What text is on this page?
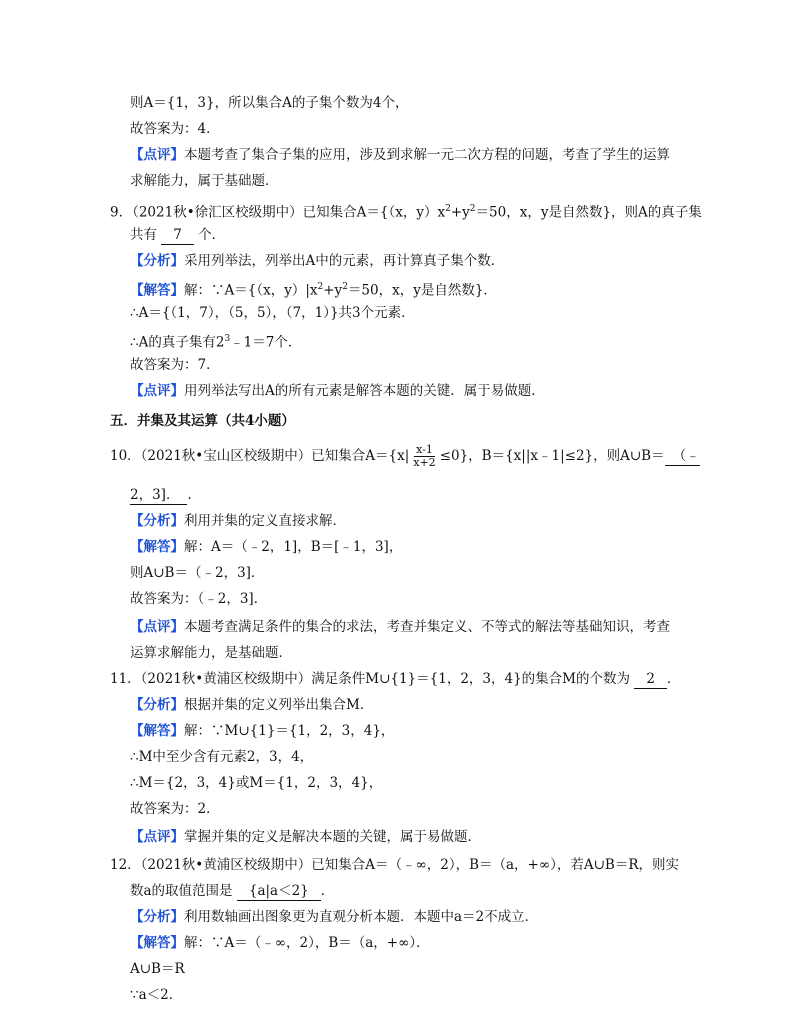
则A＝{1，3}，所以集合A的子集个数为4个，
故答案为：4．
【点评】本题考查了集合子集的应用，涉及到求解一元二次方程的问题，考查了学生的运算
求解能力，属于基础题．
9．（2021秋•徐汇区校级期中）已知集合A＝{（x，$y)x^2+y^2=50$，x，y是自然数}，则A的真子集
共有 7 个．
【分析】采用列举法，列举出A中的元素，再计算真子集个数．
【解答】解：∵A＝{（x，$y)|x^2+y^2=50$，x，y是自然数}．
∴A＝{（1，7），（5，5），（7，1）}共3个元素．
∴A的真子集有$2^3﹣1=7$个．
故答案为：7．
【点评】用列举法写出A的所有元素是解答本题的关键．属于易做题．
五．并集及其运算（共4小题）
10．（2021秋•宝山区校级期中）已知集合$A=\{x| \frac{x-1}{x+2} \le 0\}$，B＝{x||x﹣1|≤2}，则A∪B＝ （﹣
2，3]． ．
【分析】利用并集的定义直接求解．
【解答】解：A＝（﹣2，1]，B＝[﹣1，3]，
则A∪B＝（﹣2，3]．
故答案为：（﹣2，3]．
【点评】本题考查满足条件的集合的求法，考查并集定义、不等式的解法等基础知识，考查
运算求解能力，是基础题．
11．（2021秋•黄浦区校级期中）满足条件M∪{1}＝{1，2，3，4}的集合M的个数为 2 ．
【分析】根据并集的定义列举出集合M．
【解答】解：∵M∪{1}＝{1，2，3，4}，
∴M中至少含有元素2，3，4，
∴M＝{2，3，4}或M＝{1，2，3，4}，
故答案为：2．
【点评】掌握并集的定义是解决本题的关键，属于易做题．
12．（2021秋•黄浦区校级期中）已知集合A＝（﹣∞，2），B＝（a，+∞），若A∪B＝R，则实
数a的取值范围是 {a|a＜2} ．
【分析】利用数轴画出图象更为直观分析本题．本题中a＝2不成立．
【解答】解：∵A＝（﹣∞，2），B＝（a，+∞）．
A∪B＝R
∵a＜2．
